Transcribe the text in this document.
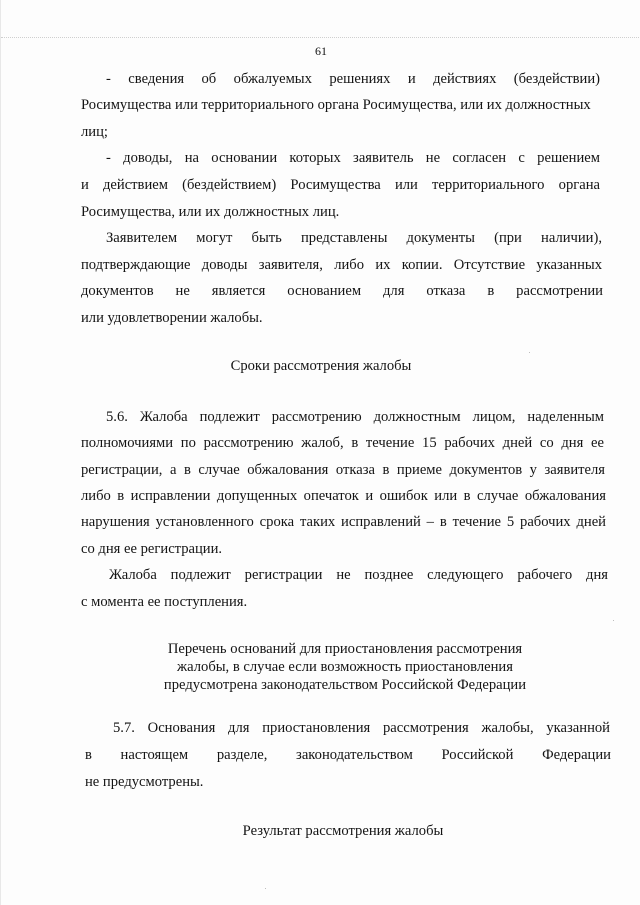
61
- сведения об обжалуемых решениях и действиях (бездействии)
Росимущества или территориального органа Росимущества, или их должностных
лиц;
- доводы, на основании которых заявитель не согласен с решением
и действием (бездействием) Росимущества или территориального органа
Росимущества, или их должностных лиц.
Заявителем могут быть представлены документы (при наличии),
подтверждающие доводы заявителя, либо их копии. Отсутствие указанных
документов не является основанием для отказа в рассмотрении
или удовлетворении жалобы.
Сроки рассмотрения жалобы
5.6. Жалоба подлежит рассмотрению должностным лицом, наделенным
полномочиями по рассмотрению жалоб, в течение 15 рабочих дней со дня ее
регистрации, а в случае обжалования отказа в приеме документов у заявителя
либо в исправлении допущенных опечаток и ошибок или в случае обжалования
нарушения установленного срока таких исправлений – в течение 5 рабочих дней
со дня ее регистрации.
Жалоба подлежит регистрации не позднее следующего рабочего дня
с момента ее поступления.
Перечень оснований для приостановления рассмотрения
жалобы, в случае если возможность приостановления
предусмотрена законодательством Российской Федерации
5.7. Основания для приостановления рассмотрения жалобы, указанной
в настоящем разделе, законодательством Российской Федерации
не предусмотрены.
Результат рассмотрения жалобы
